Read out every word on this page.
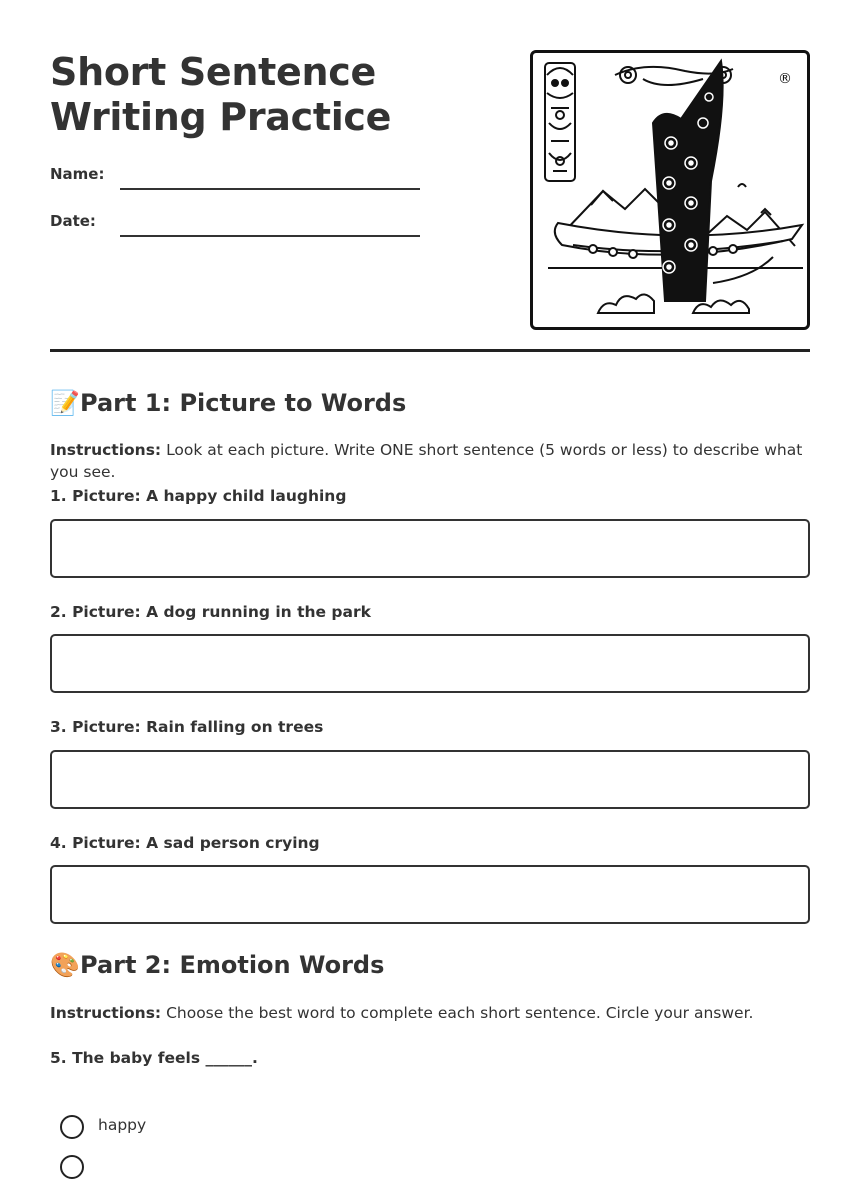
Short Sentence Writing Practice
Name:
Date:
®
📝Part 1: Picture to Words
Instructions: Look at each picture. Write ONE short sentence (5 words or less) to describe what you see.
1. Picture: A happy child laughing
2. Picture: A dog running in the park
3. Picture: Rain falling on trees
4. Picture: A sad person crying
🎨Part 2: Emotion Words
Instructions: Choose the best word to complete each short sentence. Circle your answer.
5. The baby feels ______.
happy
